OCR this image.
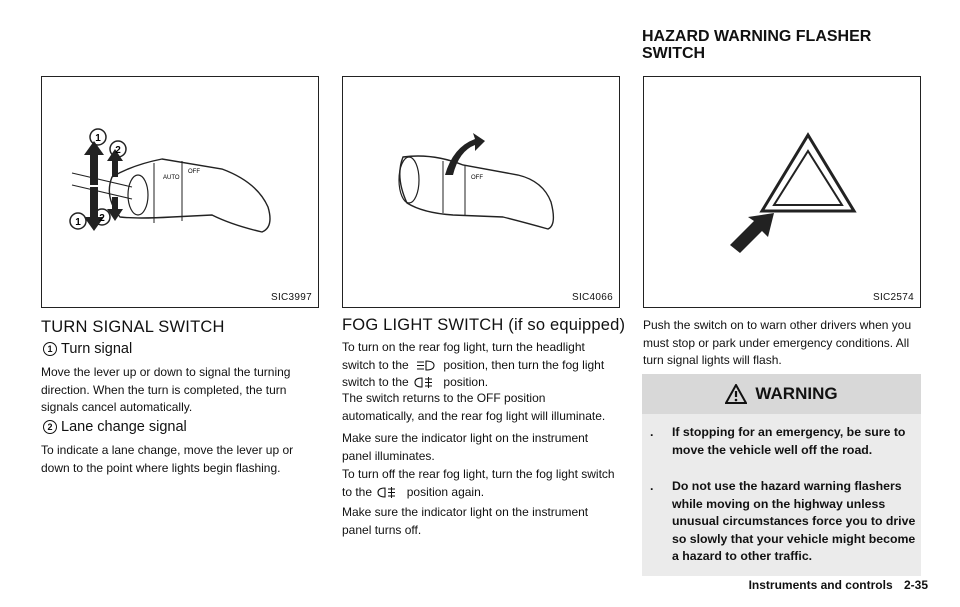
AUTO
OFF
1
2
1 2
SIC3997
OFF
SIC4066	SIC2574
TURN SIGNAL SWITCH
1 Turn signal

Move the lever up or down to signal the turning direction. When the turn is completed, the turn signals cancel automatically.

2 Lane change signal

To indicate a lane change, move the lever up or down to the point where lights begin flashing.

FOG LIGHT SWITCH (if so equipped)

To turn on the rear fog light, turn the headlight switch to the	position, then turn the fog light switch to the	position.

The switch returns to the OFF position automatically, and the rear fog light will illuminate.

Make sure the indicator light on the instrument panel illuminates.

To turn off the rear fog light, turn the fog light switch to the	position again.

Make sure the indicator light on the instrument panel turns off.

HAZARD WARNING FLASHER
SWITCH

Push the switch on to warn other drivers when you must stop or park under emergency conditions. All turn signal lights will flash.

WARNING
. If stopping for an emergency, be sure to move the vehicle well off the road.
. Do not use the hazard warning flashers while moving on the highway unless unusual circumstances force you to drive so slowly that your vehicle might become a hazard to other traffic.
Instruments and controls 2-35
